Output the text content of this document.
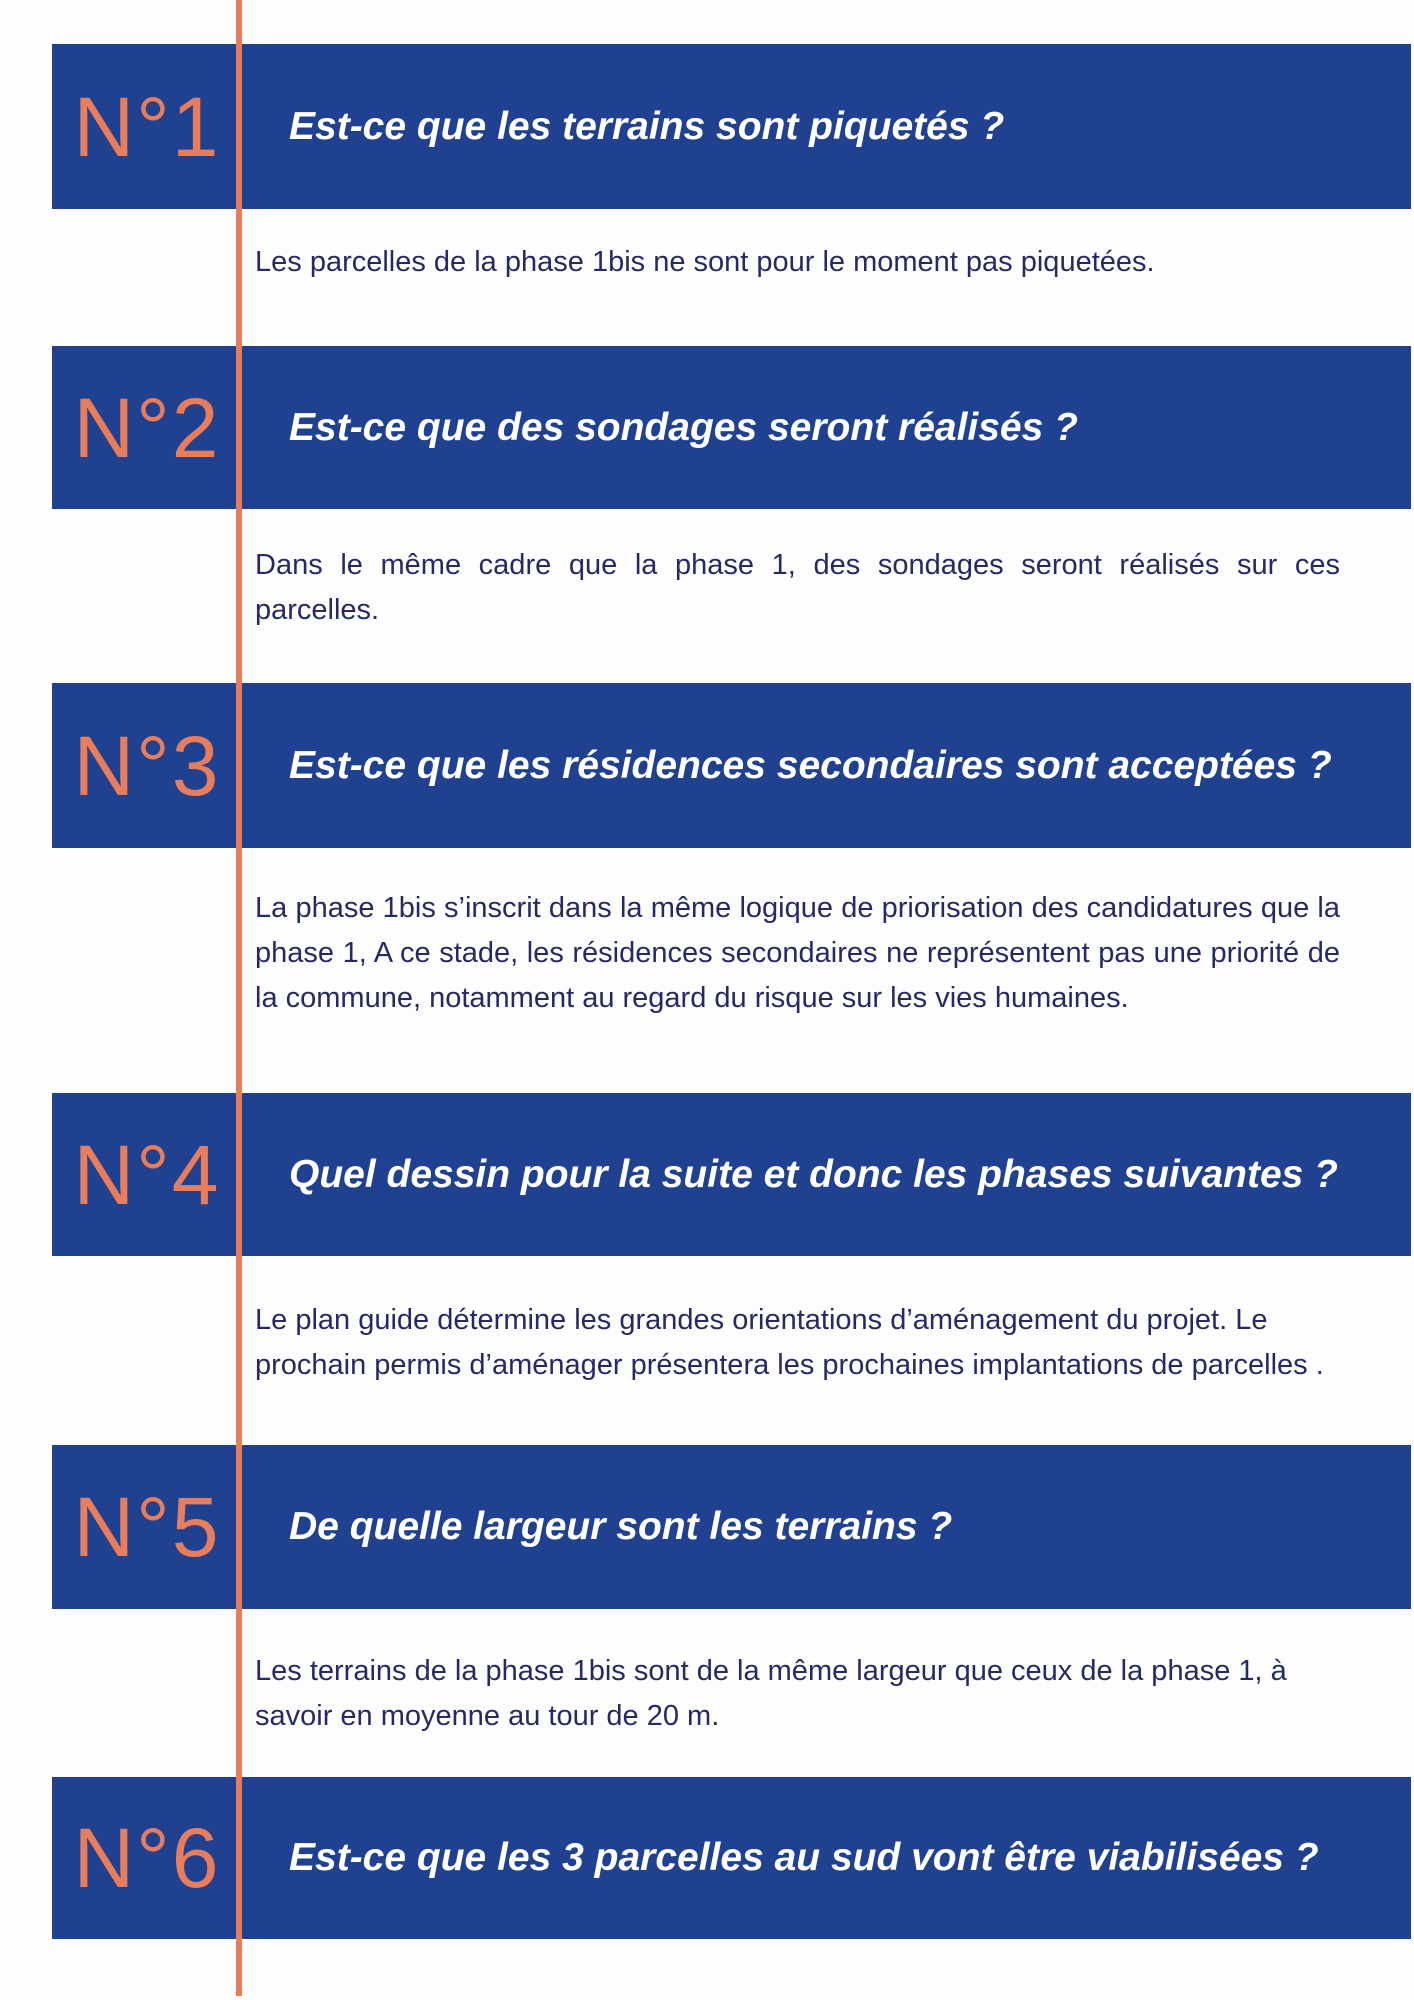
N°1	Est-ce que les terrains sont piquetés ?
Les parcelles de la phase 1bis ne sont pour le moment pas piquetées.
N°2	Est-ce que des sondages seront réalisés ?
Dans le même cadre que la phase 1, des sondages seront réalisés sur ces parcelles.
N°3	Est-ce que les résidences secondaires sont acceptées ?
La phase 1bis s’inscrit dans la même logique de priorisation des candidatures que la phase 1, A ce stade, les résidences secondaires ne représentent pas une priorité de la commune, notamment au regard du risque sur les vies humaines.
N°4	Quel dessin pour la suite et donc les phases suivantes ?
Le plan guide détermine les grandes orientations d’aménagement du projet. Le prochain permis d’aménager présentera les prochaines implantations de parcelles .
N°5	De quelle largeur sont les terrains ?
Les terrains de la phase 1bis sont de la même largeur que ceux de la phase 1, à savoir en moyenne au tour de 20 m.
N°6	Est-ce que les 3 parcelles au sud vont être viabilisées ?
